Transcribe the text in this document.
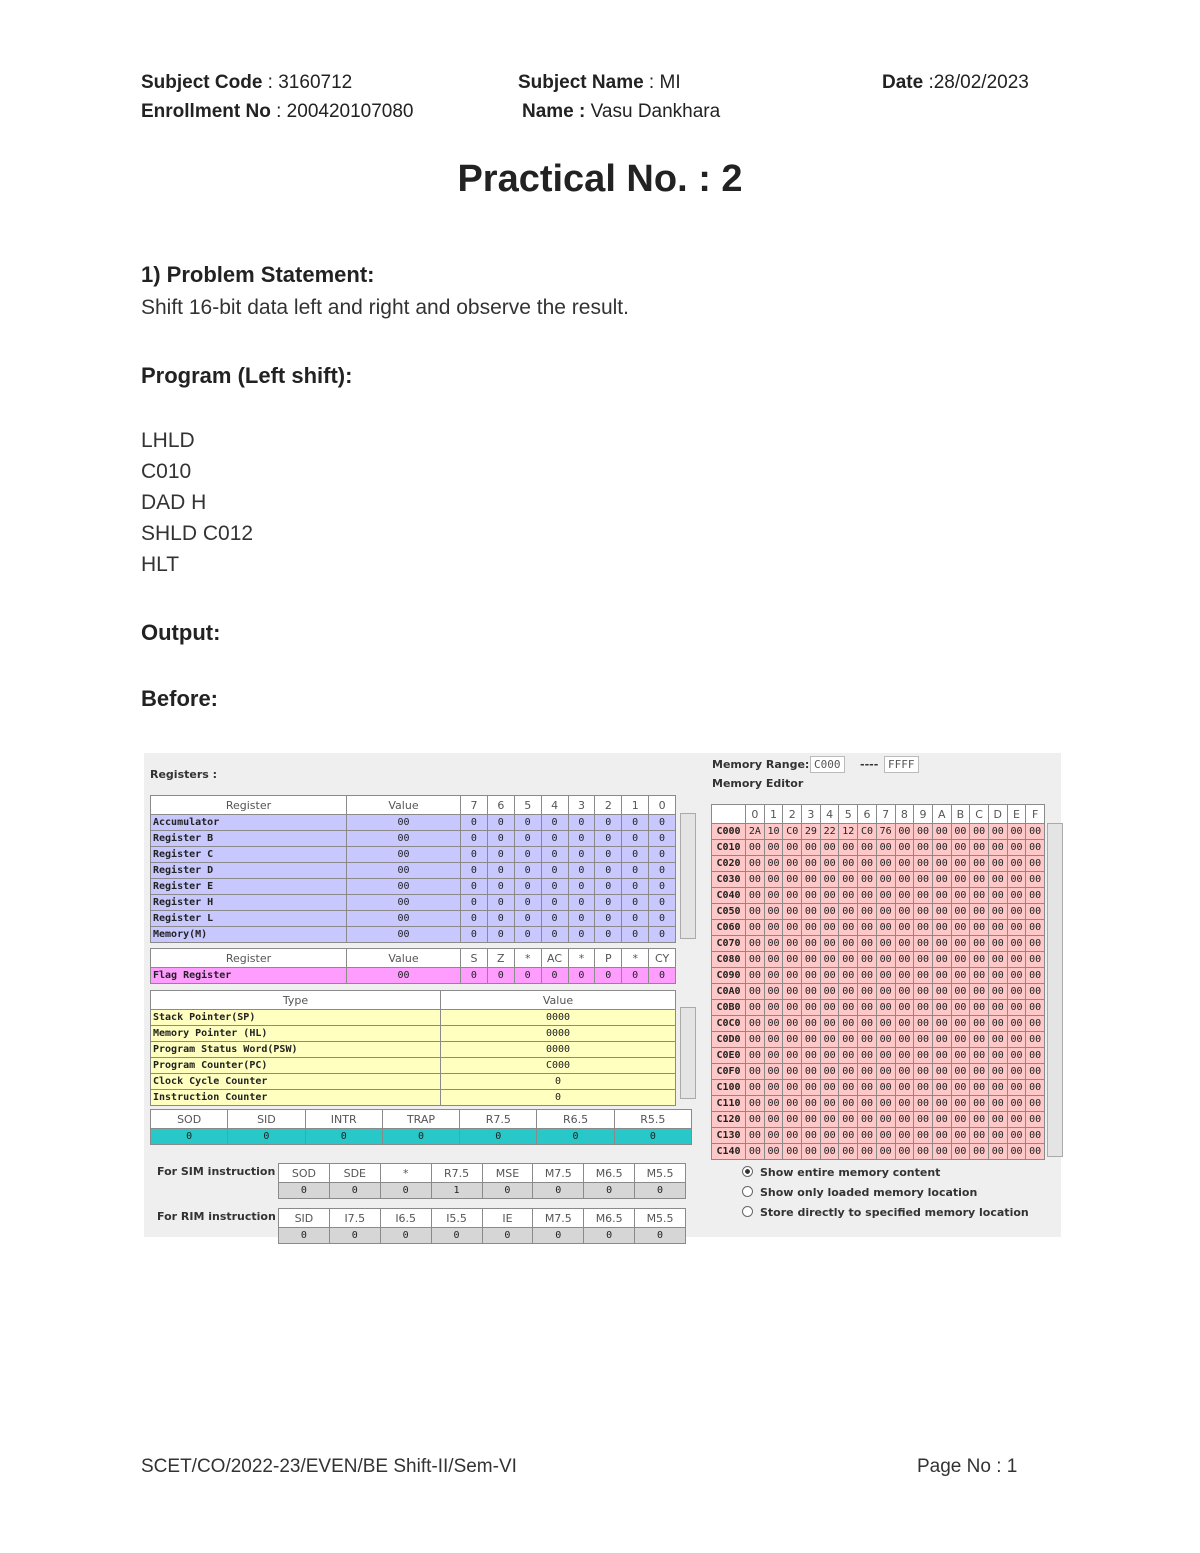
Subject Code : 3160712	Subject Name : MI	Date :28/02/2023
Enrollment No : 200420107080	Name : Vasu Dankhara
Practical No. : 2
1) Problem Statement:
Shift 16-bit data left and right and observe the result.
Program (Left shift):
LHLD
C010
DAD H
SHLD C012
HLT
Output:
Before:
Registers :
Register	Value	7	6	5	4	3	2	1	0
Accumulator	00	0	0	0	0	0	0	0	0
Register B	00	0	0	0	0	0	0	0	0
Register C	00	0	0	0	0	0	0	0	0
Register D	00	0	0	0	0	0	0	0	0
Register E	00	0	0	0	0	0	0	0	0
Register H	00	0	0	0	0	0	0	0	0
Register L	00	0	0	0	0	0	0	0	0
Memory(M)	00	0	0	0	0	0	0	0	0
Register	Value	S	Z	*	AC	*	P	*	CY
Flag Register	00	0	0	0	0	0	0	0	0
Type	Value
Stack Pointer(SP)	0000
Memory Pointer (HL)	0000
Program Status Word(PSW)	0000
Program Counter(PC)	C000
Clock Cycle Counter	0
Instruction Counter	0
SOD	SID	INTR	TRAP	R7.5	R6.5	R5.5
0	0	0	0	0	0	0
For SIM instruction SOD	SDE	*	R7.5	MSE	M7.5	M6.5	M5.5
0	0	0	1	0	0	0	0
For RIM instruction SID	I7.5	I6.5	I5.5	IE	M7.5	M6.5	M5.5
0	0	0	0	0	0	0	0
Memory Range: C000	---- FFFF
Memory Editor
	0	1	2	3	4	5	6	7	8	9	A	B	C	D	E	F
C000	2A	10	C0	29	22	12	C0	76	00	00	00	00	00	00	00	00
C010	00	00	00	00	00	00	00	00	00	00	00	00	00	00	00	00
C020	00	00	00	00	00	00	00	00	00	00	00	00	00	00	00	00
C030	00	00	00	00	00	00	00	00	00	00	00	00	00	00	00	00
C040	00	00	00	00	00	00	00	00	00	00	00	00	00	00	00	00
C050	00	00	00	00	00	00	00	00	00	00	00	00	00	00	00	00
C060	00	00	00	00	00	00	00	00	00	00	00	00	00	00	00	00
C070	00	00	00	00	00	00	00	00	00	00	00	00	00	00	00	00
C080	00	00	00	00	00	00	00	00	00	00	00	00	00	00	00	00
C090	00	00	00	00	00	00	00	00	00	00	00	00	00	00	00	00
C0A0	00	00	00	00	00	00	00	00	00	00	00	00	00	00	00	00
C0B0	00	00	00	00	00	00	00	00	00	00	00	00	00	00	00	00
C0C0	00	00	00	00	00	00	00	00	00	00	00	00	00	00	00	00
C0D0	00	00	00	00	00	00	00	00	00	00	00	00	00	00	00	00
C0E0	00	00	00	00	00	00	00	00	00	00	00	00	00	00	00	00
C0F0	00	00	00	00	00	00	00	00	00	00	00	00	00	00	00	00
C100	00	00	00	00	00	00	00	00	00	00	00	00	00	00	00	00
C110	00	00	00	00	00	00	00	00	00	00	00	00	00	00	00	00
C120	00	00	00	00	00	00	00	00	00	00	00	00	00	00	00	00
C130	00	00	00	00	00	00	00	00	00	00	00	00	00	00	00	00
C140	00	00	00	00	00	00	00	00	00	00	00	00	00	00	00	00
Show entire memory content
Show only loaded memory location
Store directly to specified memory location
SCET/CO/2022-23/EVEN/BE Shift-II/Sem-VI	Page No : 1
